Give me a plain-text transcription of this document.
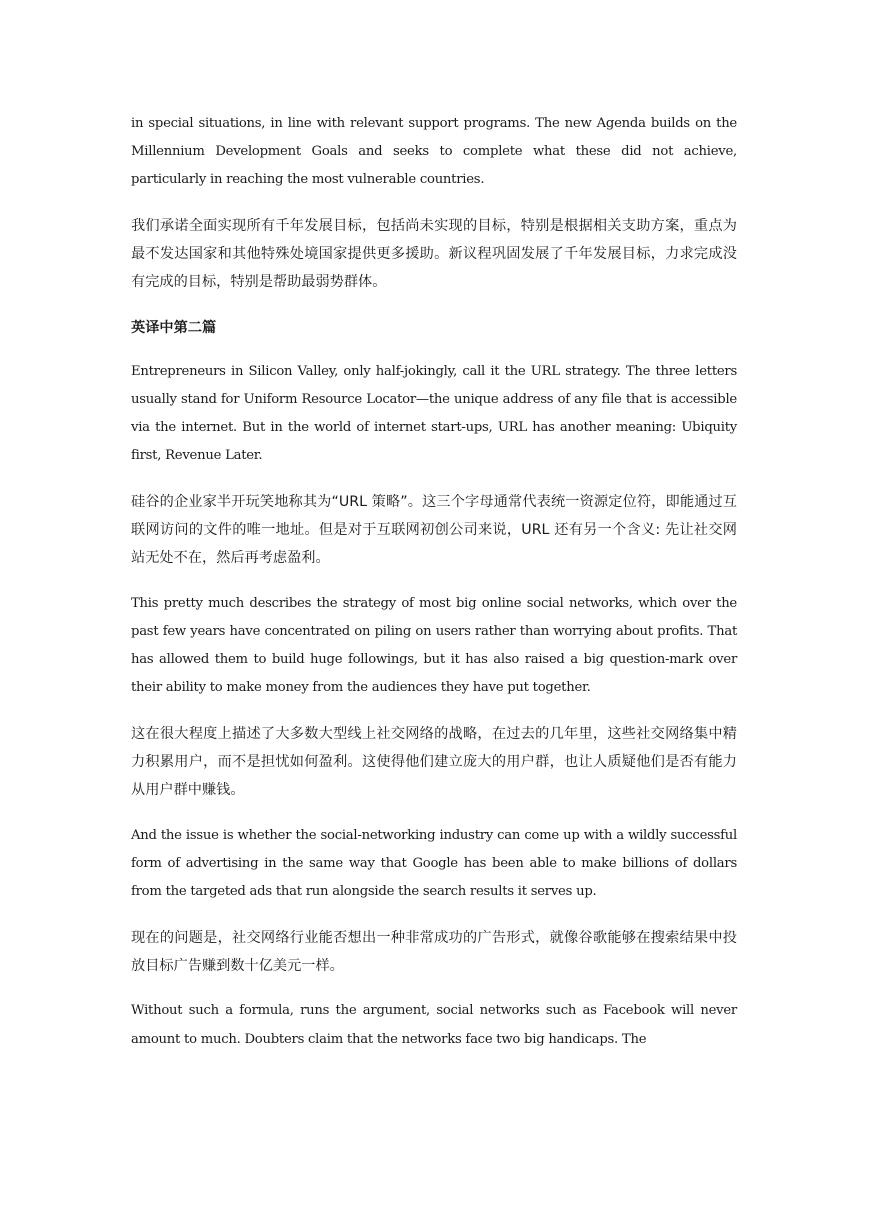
in special situations, in line with relevant support programs. The new Agenda builds on the Millennium Development Goals and seeks to complete what these did not achieve, particularly in reaching the most vulnerable countries.

我们承诺全面实现所有千年发展目标，包括尚未实现的目标，特别是根据相关支助方案，重点为最不发达国家和其他特殊处境国家提供更多援助。新议程巩固发展了千年发展目标，力求完成没有完成的目标，特别是帮助最弱势群体。

英译中第二篇

Entrepreneurs in Silicon Valley, only half-jokingly, call it the URL strategy. The three letters usually stand for Uniform Resource Locator—the unique address of any file that is accessible via the internet. But in the world of internet start-ups, URL has another meaning: Ubiquity first, Revenue Later.

硅谷的企业家半开玩笑地称其为“URL 策略”。这三个字母通常代表统一资源定位符，即能通过互联网访问的文件的唯一地址。但是对于互联网初创公司来说，URL 还有另一个含义: 先让社交网站无处不在，然后再考虑盈利。

This pretty much describes the strategy of most big online social networks, which over the past few years have concentrated on piling on users rather than worrying about profits. That has allowed them to build huge followings, but it has also raised a big question-mark over their ability to make money from the audiences they have put together.

这在很大程度上描述了大多数大型线上社交网络的战略，在过去的几年里，这些社交网络集中精力积累用户，而不是担忧如何盈利。这使得他们建立庞大的用户群，也让人质疑他们是否有能力从用户群中赚钱。

And the issue is whether the social-networking industry can come up with a wildly successful form of advertising in the same way that Google has been able to make billions of dollars from the targeted ads that run alongside the search results it serves up.

现在的问题是，社交网络行业能否想出一种非常成功的广告形式，就像谷歌能够在搜索结果中投放目标广告赚到数十亿美元一样。

Without such a formula, runs the argument, social networks such as Facebook will never amount to much. Doubters claim that the networks face two big handicaps. The
